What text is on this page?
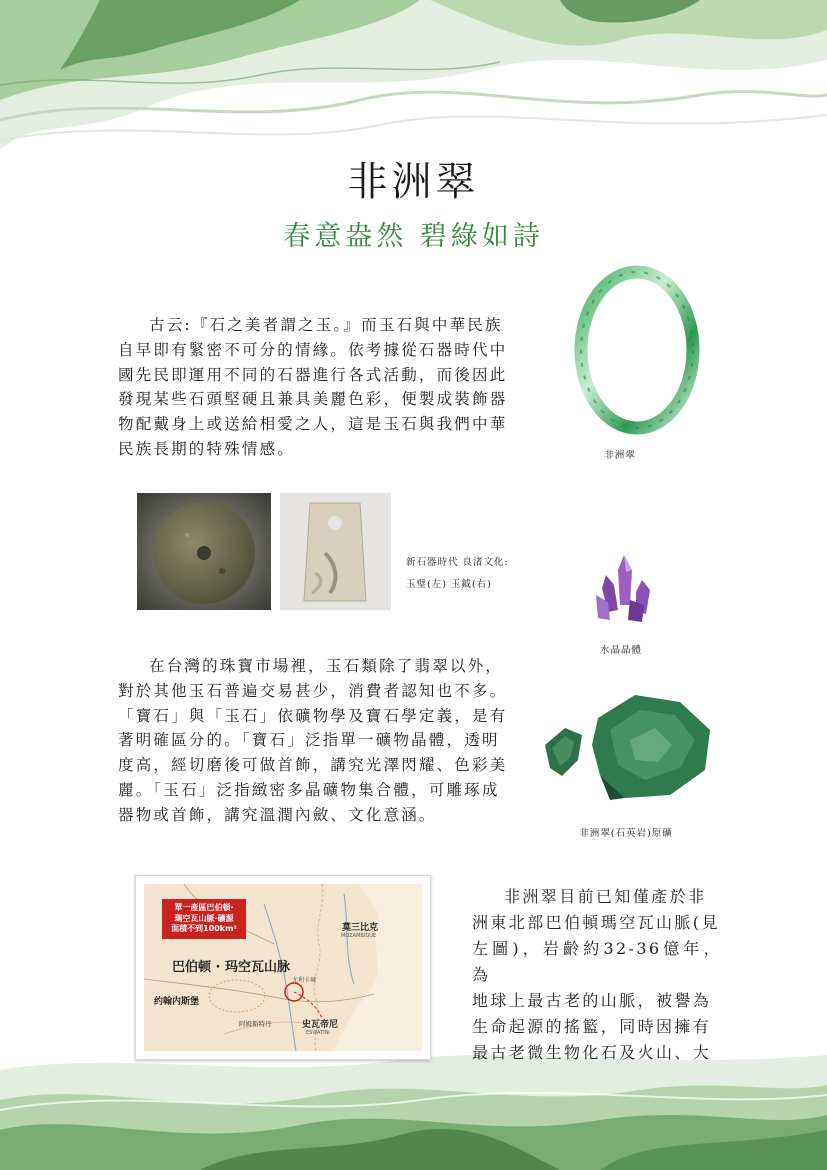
非洲翠
春意盎然 碧綠如詩
古云:『石之美者謂之玉。』而玉石與中華民族
自早即有緊密不可分的情緣。依考據從石器時代中
國先民即運用不同的石器進行各式活動，而後因此
發現某些石頭堅硬且兼具美麗色彩，便製成裝飾器
物配戴身上或送給相愛之人，這是玉石與我們中華
民族長期的特殊情感。	非洲翠
新石器時代 良渚文化:
玉璧(左) 玉鉞(右)
水晶晶體
在台灣的珠寶市場裡，玉石類除了翡翠以外，
對於其他玉石普遍交易甚少，消費者認知也不多。
「寶石」與「玉石」依礦物學及寶石學定義，是有
著明確區分的。「寶石」泛指單一礦物晶體，透明
度高，經切磨後可做首飾，講究光澤閃耀、色彩美
麗。「玉石」泛指緻密多晶礦物集合體，可雕琢成
器物或首飾，講究溫潤內斂、文化意涵。
非洲翠(石英岩)原礦
單一產區巴伯頓·
瑪空瓦山脈·礦源
面積不到100km²	莫三比克
MOZAMBIQUE
巴伯顿 · 玛空瓦山脉
尤利卡城
约翰内斯堡
阿姆斯特丹	史瓦帝尼
ESWATINI
非洲翠目前已知僅產於非
洲東北部巴伯頓瑪空瓦山脈(見
左圖)，岩齡約32-36億年，為
地球上最古老的山脈，被譽為
生命起源的搖籃，同時因擁有
最古老微生物化石及火山、大
